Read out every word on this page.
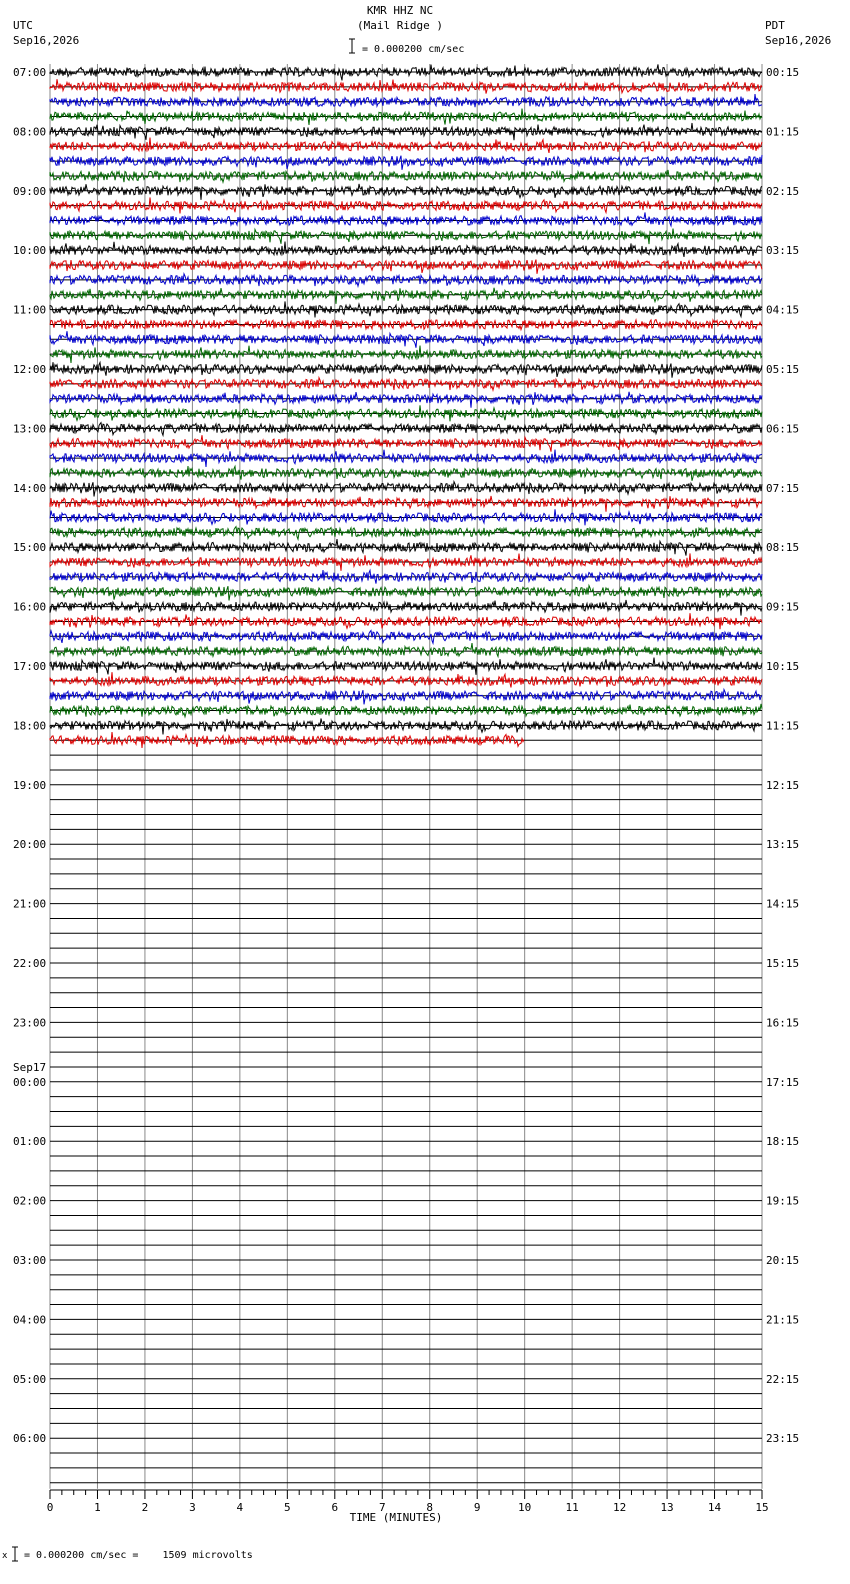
KMR HHZ NC
(Mail Ridge )
= 0.000200 cm/sec
UTC
Sep16,2026
PDT
Sep16,2026
07:00
08:00
09:00
10:00
11:00
12:00
13:00
14:00
15:00
16:00
17:00
18:00
19:00
20:00
21:00
22:00
23:00
00:00
01:00
02:00
03:00
04:00
05:00
06:00
00:15
01:15
02:15
03:15
04:15
05:15
06:15
07:15
08:15
09:15
10:15
11:15
12:15
13:15
14:15
15:15
16:15
17:15
18:15
19:15
20:15
21:15
22:15
23:15
Sep17
0	1	2	3	4	5	6	7	8	9	10	11	12	13	14	15
TIME (MINUTES)
= 0.000200 cm/sec =    1509 microvolts
x
